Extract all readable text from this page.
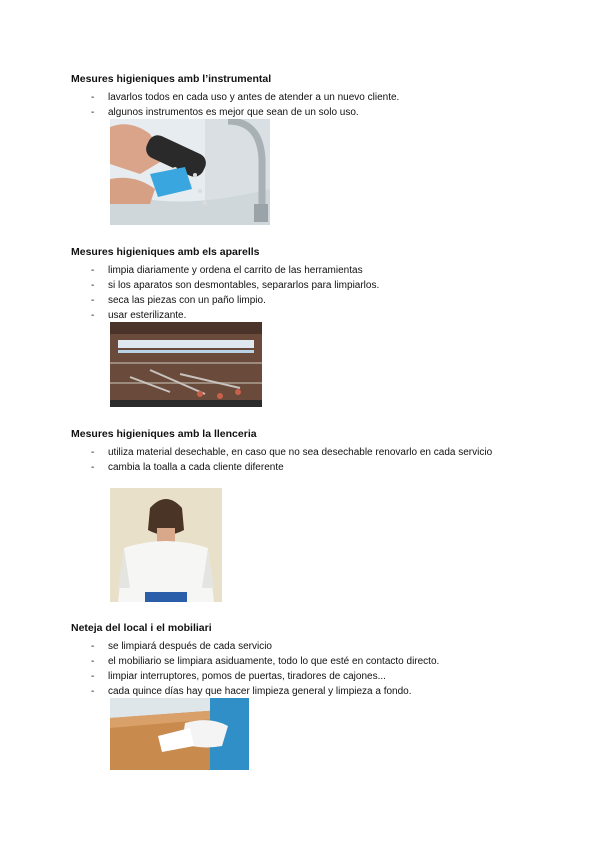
Mesures higieniques amb l’instrumental
- lavarlos todos en cada uso y antes de atender a un nuevo cliente.
- algunos instrumentos es mejor que sean de un solo uso.
Mesures higieniques amb els aparells
- limpia diariamente y ordena el carrito de las herramientas
- si los aparatos son desmontables, separarlos para limpiarlos.
- seca las piezas con un paño limpio.
- usar esterilizante.
Mesures higieniques amb la llenceria
- utiliza material desechable, en caso que no sea desechable renovarlo en cada servicio
- cambia la toalla a cada cliente diferente
Neteja del local i el mobiliari
- se limpiará después de cada servicio
- el mobiliario se limpiara asiduamente, todo lo que esté en contacto directo.
- limpiar interruptores, pomos de puertas, tiradores de cajones...
- cada quince días hay que hacer limpieza general y limpieza a fondo.
